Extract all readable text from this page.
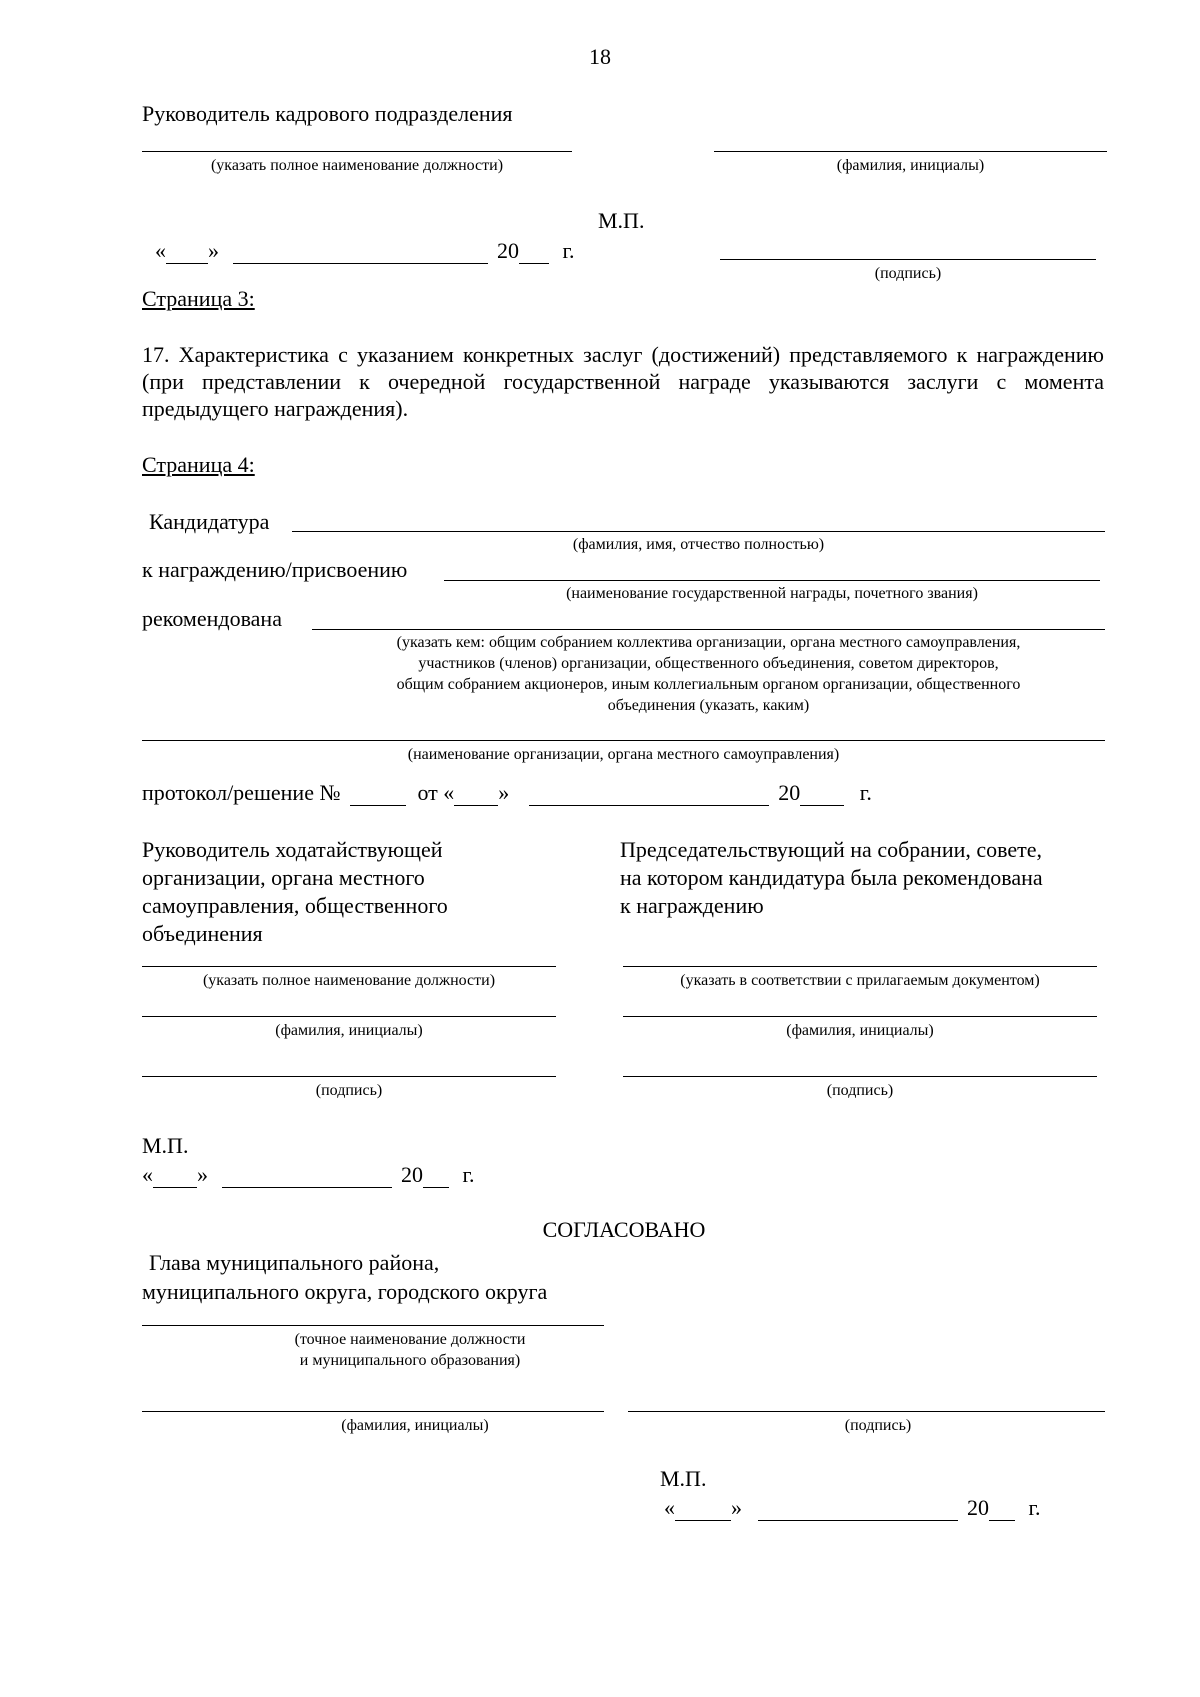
18
Руководитель кадрового подразделения
(указать полное наименование должности)	(фамилия, инициалы)
М.П.
« »	20 г.
(подпись)
Страница 3:
17. Характеристика с указанием конкретных заслуг (достижений) представляемого к награждению (при представлении к очередной государственной награде указываются заслуги с момента предыдущего награждения).
Страница 4:
Кандидатура
(фамилия, имя, отчество полностью)
к награждению/присвоению
(наименование государственной награды, почетного звания)
рекомендована
(указать кем: общим собранием коллектива организации, органа местного самоуправления,
участников (членов) организации, общественного объединения, советом директоров,
общим собранием акционеров, иным коллегиальным органом организации, общественного
объединения (указать, каким)
(наименование организации, органа местного самоуправления)
протокол/решение №	от « »	20	г.
Руководитель ходатайствующей
организации, органа местного
самоуправления, общественного
объединения
Председательствующий на собрании, совете,
на котором кандидатура была рекомендована
к награждению
(указать полное наименование должности)	(указать в соответствии с прилагаемым документом)
(фамилия, инициалы)	(фамилия, инициалы)
(подпись)	(подпись)
М.П.
« »	20 г.
СОГЛАСОВАНО
Глава муниципального района,
муниципального округа, городского округа
(точное наименование должности
и муниципального образования)
(фамилия, инициалы)	(подпись)
М.П.
«	»	20 г.
